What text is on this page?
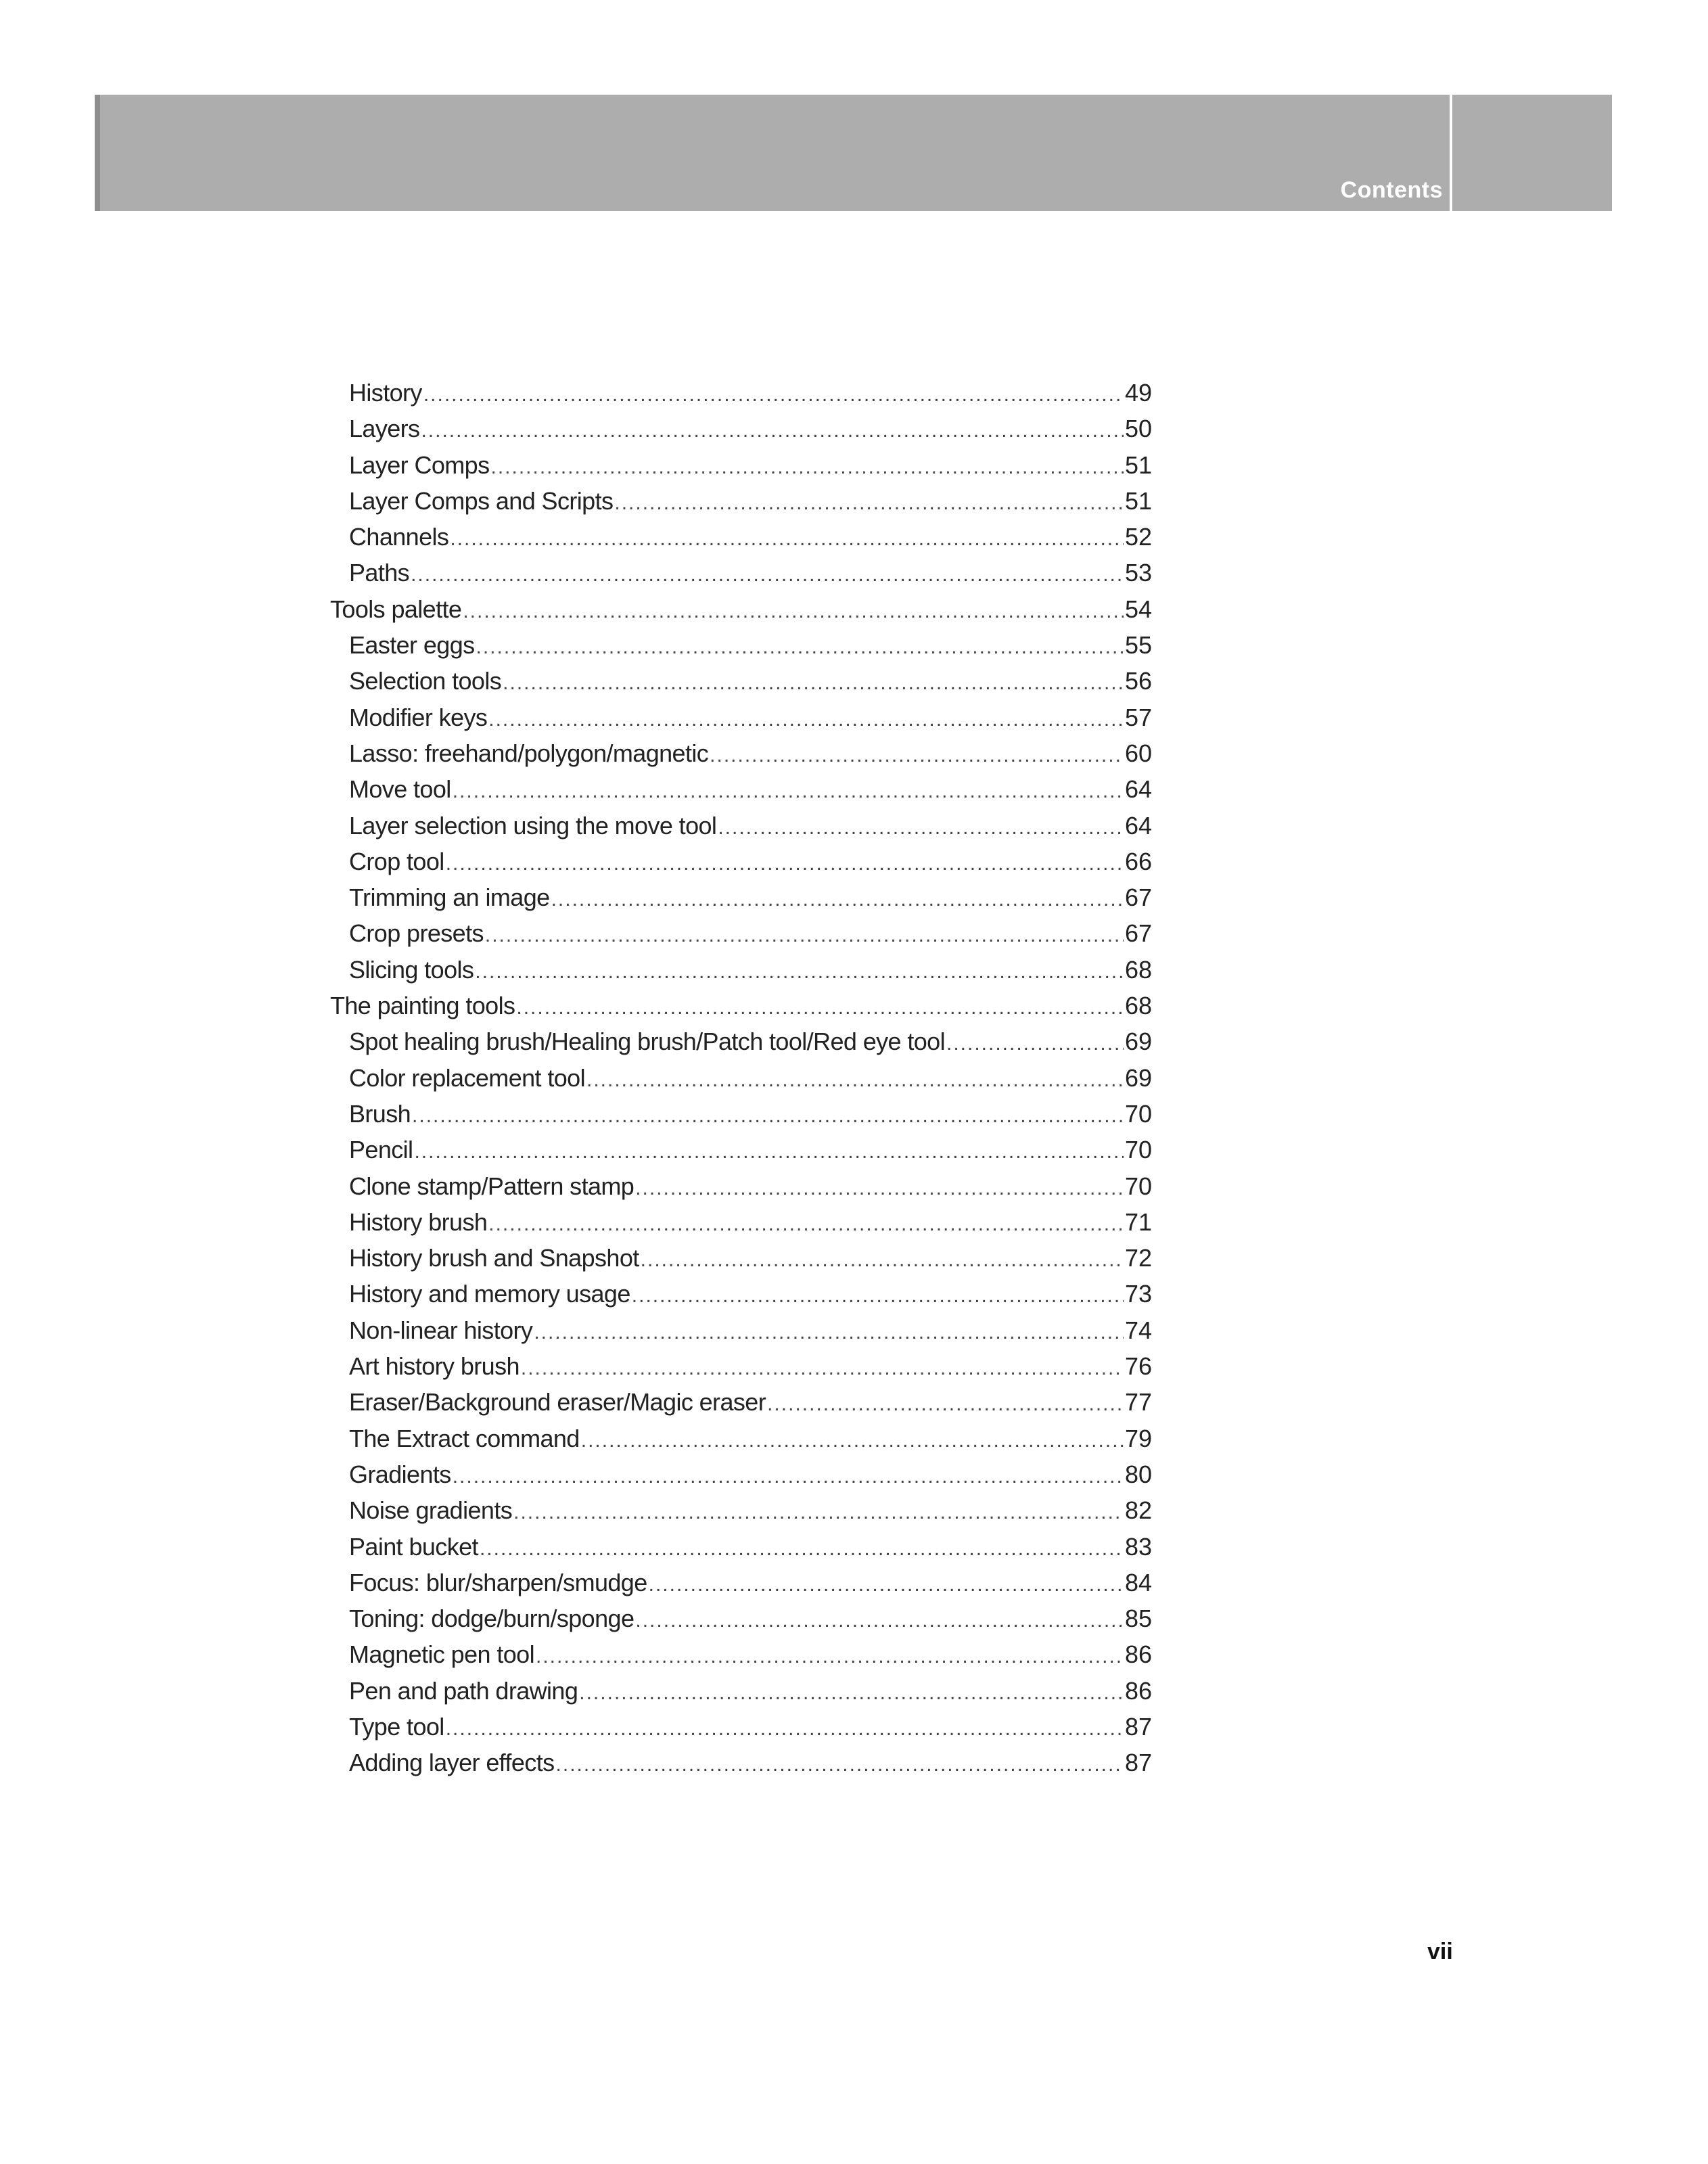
Contents
History .....	49
Layers .....	50
Layer Comps .....	51
Layer Comps and Scripts .....	51
Channels .....	52
Paths .....	53
Tools palette .....	54
Easter eggs .....	55
Selection tools .....	56
Modifier keys .....	57
Lasso: freehand/polygon/magnetic .....	60
Move tool .....	64
Layer selection using the move tool .....	64
Crop tool .....	66
Trimming an image .....	67
Crop presets .....	67
Slicing tools .....	68
The painting tools .....	68
Spot healing brush/Healing brush/Patch tool/Red eye tool .....	69
Color replacement tool .....	69
Brush .....	70
Pencil .....	70
Clone stamp/Pattern stamp .....	70
History brush .....	71
History brush and Snapshot .....	72
History and memory usage .....	73
Non-linear history .....	74
Art history brush .....	76
Eraser/Background eraser/Magic eraser .....	77
The Extract command .....	79
Gradients .....	80
Noise gradients .....	82
Paint bucket .....	83
Focus: blur/sharpen/smudge .....	84
Toning: dodge/burn/sponge .....	85
Magnetic pen tool .....	86
Pen and path drawing .....	86
Type tool .....	87
Adding layer effects .....	87
vii
